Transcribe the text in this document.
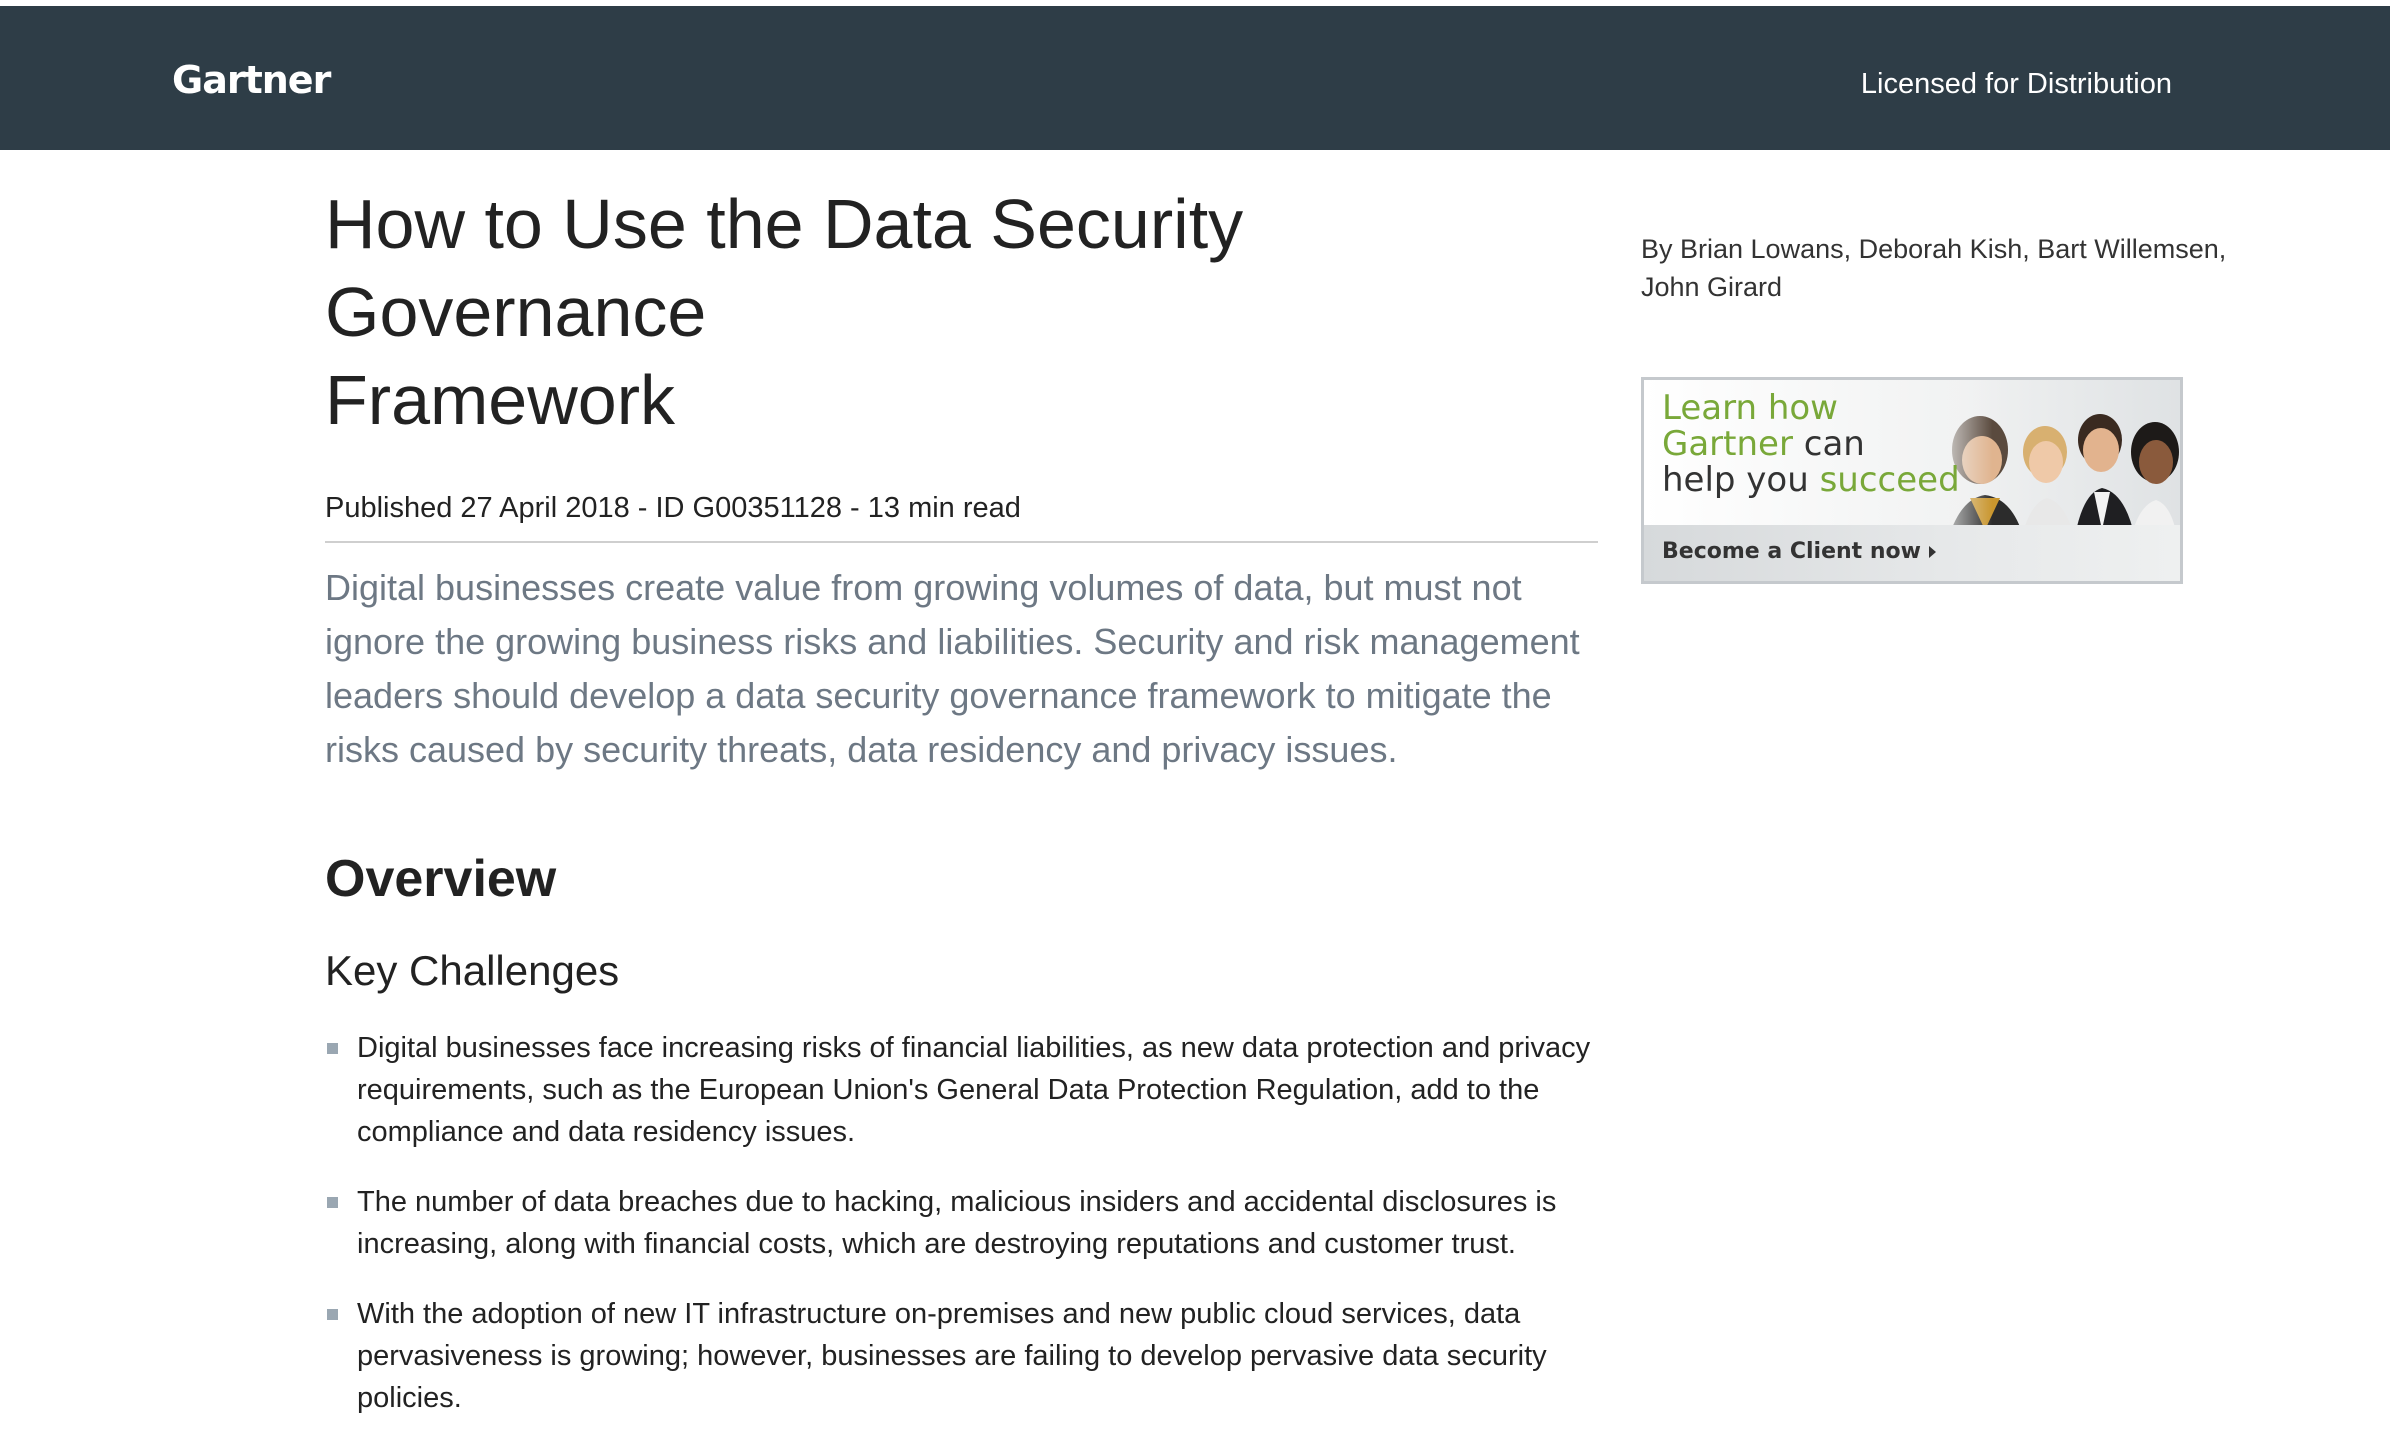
Gartner	Licensed for Distribution
How to Use the Data Security Governance
Framework
Published 27 April 2018 - ID G00351128 - 13 min read
Digital businesses create value from growing volumes of data, but must not ignore the growing business risks and liabilities. Security and risk management leaders should develop a data security governance framework to mitigate the risks caused by security threats, data residency and privacy issues.
Overview
Key Challenges
Digital businesses face increasing risks of financial liabilities, as new data protection and privacy requirements, such as the European Union's General Data Protection Regulation, add to the compliance and data residency issues.
The number of data breaches due to hacking, malicious insiders and accidental disclosures is increasing, along with financial costs, which are destroying reputations and customer trust.
With the adoption of new IT infrastructure on-premises and new public cloud services, data pervasiveness is growing; however, businesses are failing to develop pervasive data security policies.
By Brian Lowans, Deborah Kish, Bart Willemsen, John Girard
Learn how
Gartner can
help you succeed
Become a Client now
